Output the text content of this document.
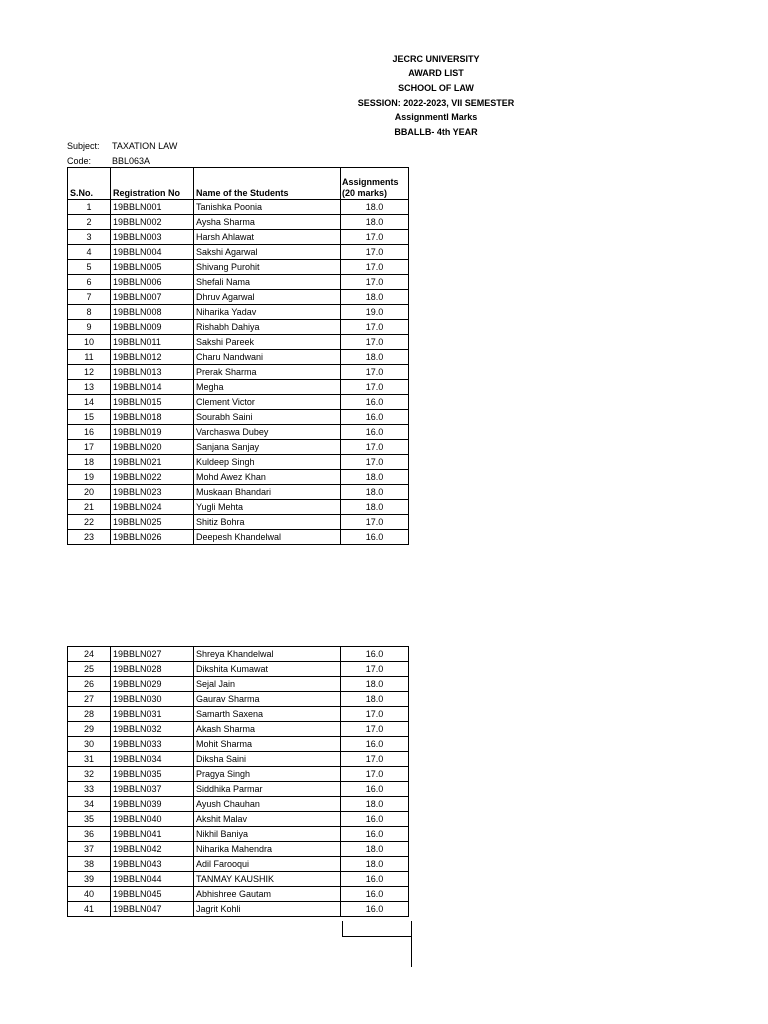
JECRC UNIVERSITY
AWARD LIST
SCHOOL OF LAW
SESSION: 2022-2023, VII SEMESTER
Assignmentl Marks
BBALLB- 4th YEAR
Subject: TAXATION LAW
Code: BBL063A
S.No.	Registration No	Name of the Students	Assignments
(20 marks)

1	19BBLN001	Tanishka Poonia	18.0
2	19BBLN002	Aysha Sharma	18.0
3	19BBLN003	Harsh Ahlawat	17.0
4	19BBLN004	Sakshi Agarwal	17.0
5	19BBLN005	Shivang Purohit	17.0
6	19BBLN006	Shefali Nama	17.0
7	19BBLN007	Dhruv Agarwal	18.0
8	19BBLN008	Niharika Yadav	19.0
9	19BBLN009	Rishabh Dahiya	17.0
10	19BBLN011	Sakshi Pareek	17.0
11	19BBLN012	Charu Nandwani	18.0
12	19BBLN013	Prerak Sharma	17.0
13	19BBLN014	Megha	17.0
14	19BBLN015	Clement Victor	16.0
15	19BBLN018	Sourabh Saini	16.0
16	19BBLN019	Varchaswa Dubey	16.0
17	19BBLN020	Sanjana Sanjay	17.0
18	19BBLN021	Kuldeep Singh	17.0
19	19BBLN022	Mohd Awez Khan	18.0
20	19BBLN023	Muskaan Bhandari	18.0
21	19BBLN024	Yugli Mehta	18.0
22	19BBLN025	Shitiz Bohra	17.0
23	19BBLN026	Deepesh Khandelwal	16.0
24	19BBLN027	Shreya Khandelwal	16.0
25	19BBLN028	Dikshita Kumawat	17.0
26	19BBLN029	Sejal Jain	18.0
27	19BBLN030	Gaurav Sharma	18.0
28	19BBLN031	Samarth Saxena	17.0
29	19BBLN032	Akash Sharma	17.0
30	19BBLN033	Mohit Sharma	16.0
31	19BBLN034	Diksha Saini	17.0
32	19BBLN035	Pragya Singh	17.0
33	19BBLN037	Siddhika Parmar	16.0
34	19BBLN039	Ayush Chauhan	18.0
35	19BBLN040	Akshit Malav	16.0
36	19BBLN041	Nikhil Baniya	16.0
37	19BBLN042	Niharika Mahendra	18.0
38	19BBLN043	Adil Farooqui	18.0
39	19BBLN044	TANMAY KAUSHIK	16.0
40	19BBLN045	Abhishree Gautam	16.0
41	19BBLN047	Jagrit Kohli	16.0
